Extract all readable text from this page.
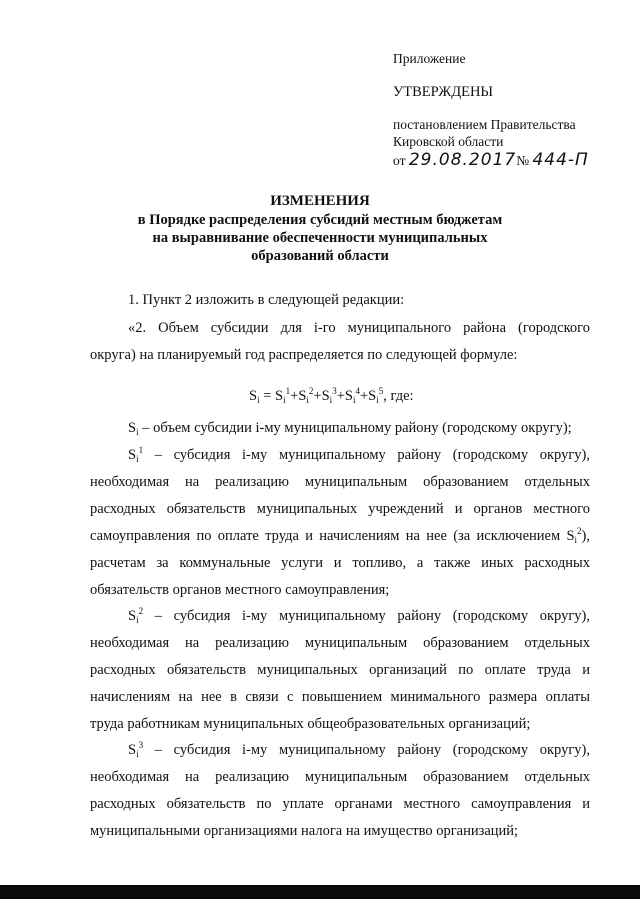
Приложение
УТВЕРЖДЕНЫ
постановлением Правительства
Кировской области
от 29.08.2017№ 444-П
ИЗМЕНЕНИЯ
в Порядке распределения субсидий местным бюджетам
на выравнивание обеспеченности муниципальных
образований области
1. Пункт 2 изложить в следующей редакции:
«2. Объем субсидии для i-го муниципального района (городского
округа) на планируемый год распределяется по следующей формуле:
$S_i = S_i^1+S_i^2+S_i^3+S_i^4+S_i^5$, где:
$S_i$ – объем субсидии i-му муниципальному району (городскому округу);
$S_i^1$ – субсидия i-му муниципальному району (городскому округу),
необходимая на реализацию муниципальным образованием отдельных
расходных обязательств муниципальных учреждений и органов местного
самоуправления по оплате труда и начислениям на нее (за исключением $S_i^2$),
расчетам за коммунальные услуги и топливо, а также иных расходных
обязательств органов местного самоуправления;
$S_i^2$ – субсидия i-му муниципальному району (городскому округу),
необходимая на реализацию муниципальным образованием отдельных
расходных обязательств муниципальных организаций по оплате труда и
начислениям на нее в связи с повышением минимального размера оплаты
труда работникам муниципальных общеобразовательных организаций;
$S_i^3$ – субсидия i-му муниципальному району (городскому округу),
необходимая на реализацию муниципальным образованием отдельных
расходных обязательств по уплате органами местного самоуправления и
муниципальными организациями налога на имущество организаций;
